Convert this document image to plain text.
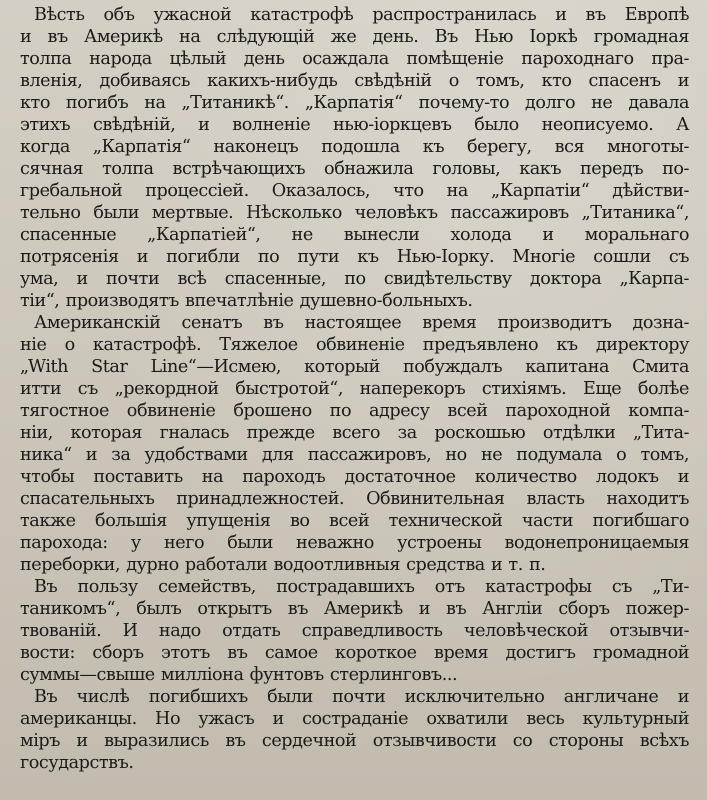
Вѣсть объ ужасной катастрофѣ распространилась и въ Европѣ
и въ Америкѣ на слѣдующій же день. Въ Нью Іоркѣ громадная
толпа народа цѣлый день осаждала помѣщеніе пароходнаго пра-
вленія, добиваясь какихъ-нибудь свѣдѣній о томъ, кто спасенъ и
кто погибъ на „Титаникѣ“. „Карпатія“ почему-то долго не давала
этихъ свѣдѣній, и волненіе нью-іоркцевъ было неописуемо. А
когда „Карпатія“ наконецъ подошла къ берегу, вся многоты-
сячная толпа встрѣчающихъ обнажила головы, какъ передъ по-
гребальной процессіей. Оказалось, что на „Карпатіи“ дѣйстви-
тельно были мертвые. Нѣсколько человѣкъ пассажировъ „Титаника“,
спасенные „Карпатіей“, не вынесли холода и моральнаго
потрясенія и погибли по пути къ Нью-Іорку. Многіе сошли съ
ума, и почти всѣ спасенные, по свидѣтельству доктора „Карпа-
тіи“, производятъ впечатлѣніе душевно-больныхъ.

Американскій сенатъ въ настоящее время производитъ дозна-
ніе о катастрофѣ. Тяжелое обвиненіе предъявлено къ директору
„With Star Line“—Исмею, который побуждалъ капитана Смита
итти съ „рекордной быстротой“, наперекоръ стихіямъ. Еще болѣе
тягостное обвиненіе брошено по адресу всей пароходной компа-
ніи, которая гналась прежде всего за роскошью отдѣлки „Тита-
ника“ и за удобствами для пассажировъ, но не подумала о томъ,
чтобы поставить на пароходъ достаточное количество лодокъ и
спасательныхъ принадлежностей. Обвинительная власть находитъ
также большія упущенія во всей технической части погибшаго
парохода: у него были неважно устроены водонепроницаемыя
переборки, дурно работали водоотливныя средства и т. п.

Въ пользу семействъ, пострадавшихъ отъ катастрофы съ „Ти-
таникомъ“, былъ открытъ въ Америкѣ и въ Англіи сборъ пожер-
твованій. И надо отдать справедливость человѣческой отзывчи-
вости: сборъ этотъ въ самое короткое время достигъ громадной
суммы—свыше милліона фунтовъ стерлинговъ...

Въ числѣ погибшихъ были почти исключительно англичане и
американцы. Но ужасъ и состраданіе охватили весь культурный
міръ и выразились въ сердечной отзывчивости со стороны всѣхъ
государствъ.
